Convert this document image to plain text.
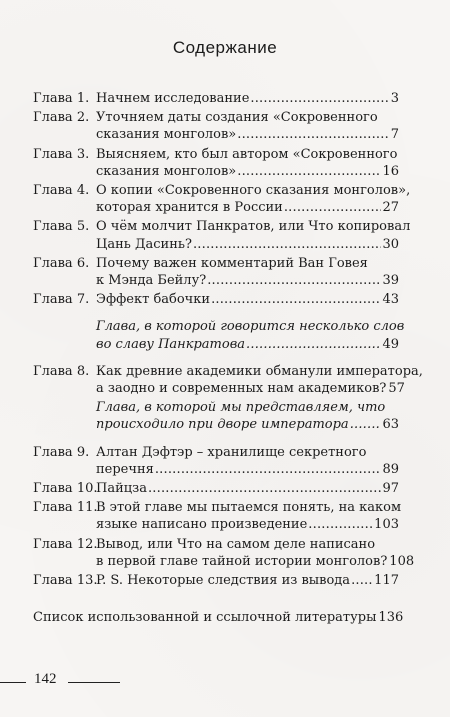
Содержание
Глава 1. Начнем исследование .....	3
Глава 2. Уточняем даты создания «Сокровенного
сказания монголов» .....	7
Глава 3. Выясняем, кто был автором «Сокровенного
сказания монголов» .....	16
Глава 4. О копии «Сокровенного сказания монголов»,
которая хранится в России .....	27
Глава 5. О чём молчит Панкратов, или Что копировал
Цань Дасинь? .....	30
Глава 6. Почему важен комментарий Ван Говея
к Мэнда Бейлу? .....	39
Глава 7. Эффект бабочки .....	43
Глава, в которой говорится несколько слов
во славу Панкратова .....	49
Глава 8. Как древние академики обманули императора,
а заодно и современных нам академиков? 57
Глава, в которой мы представляем, что
происходило при дворе императора .....	63
Глава 9. Алтан Дэфтэр – хранилище секретного
перечня .....	89
Глава 10.
Пайцза .....	97
Глава 11.
В этой главе мы пытаемся понять, на каком
языке написано произведение .....	103
Глава 12.
Вывод, или Что на самом деле написано
в первой главе тайной истории монголов? 108
Глава 13.
P. S. Некоторые следствия из вывода ..... 117
Список использованной и ссылочной литературы 136
142
